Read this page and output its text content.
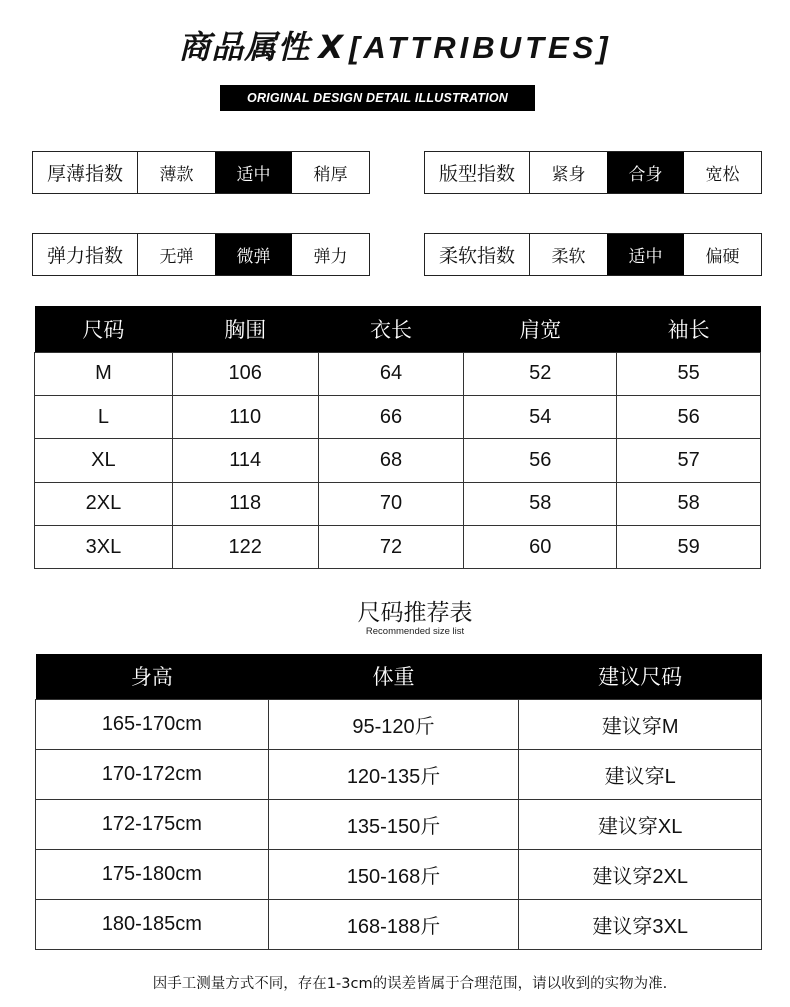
商品属性 X [ATTRIBUTES]
ORIGINAL DESIGN DETAIL ILLUSTRATION
厚薄指数	薄款	适中	稍厚	版型指数	紧身	合身	宽松
弹力指数	无弹	微弹	弹力	柔软指数	柔软	适中	偏硬
尺码	胸围	衣长	肩宽	袖长
M	106	64	52	55
L	110	66	54	56
XL	114	68	56	57
2XL	118	70	58	58
3XL	122	72	60	59
尺码推荐表
Recommended size list
身高	体重	建议尺码
165-170cm	95-120斤	建议穿M
170-172cm	120-135斤	建议穿L
172-175cm	135-150斤	建议穿XL
175-180cm	150-168斤	建议穿2XL
180-185cm	168-188斤	建议穿3XL
因手工测量方式不同，存在1-3cm的误差皆属于合理范围，请以收到的实物为准.
